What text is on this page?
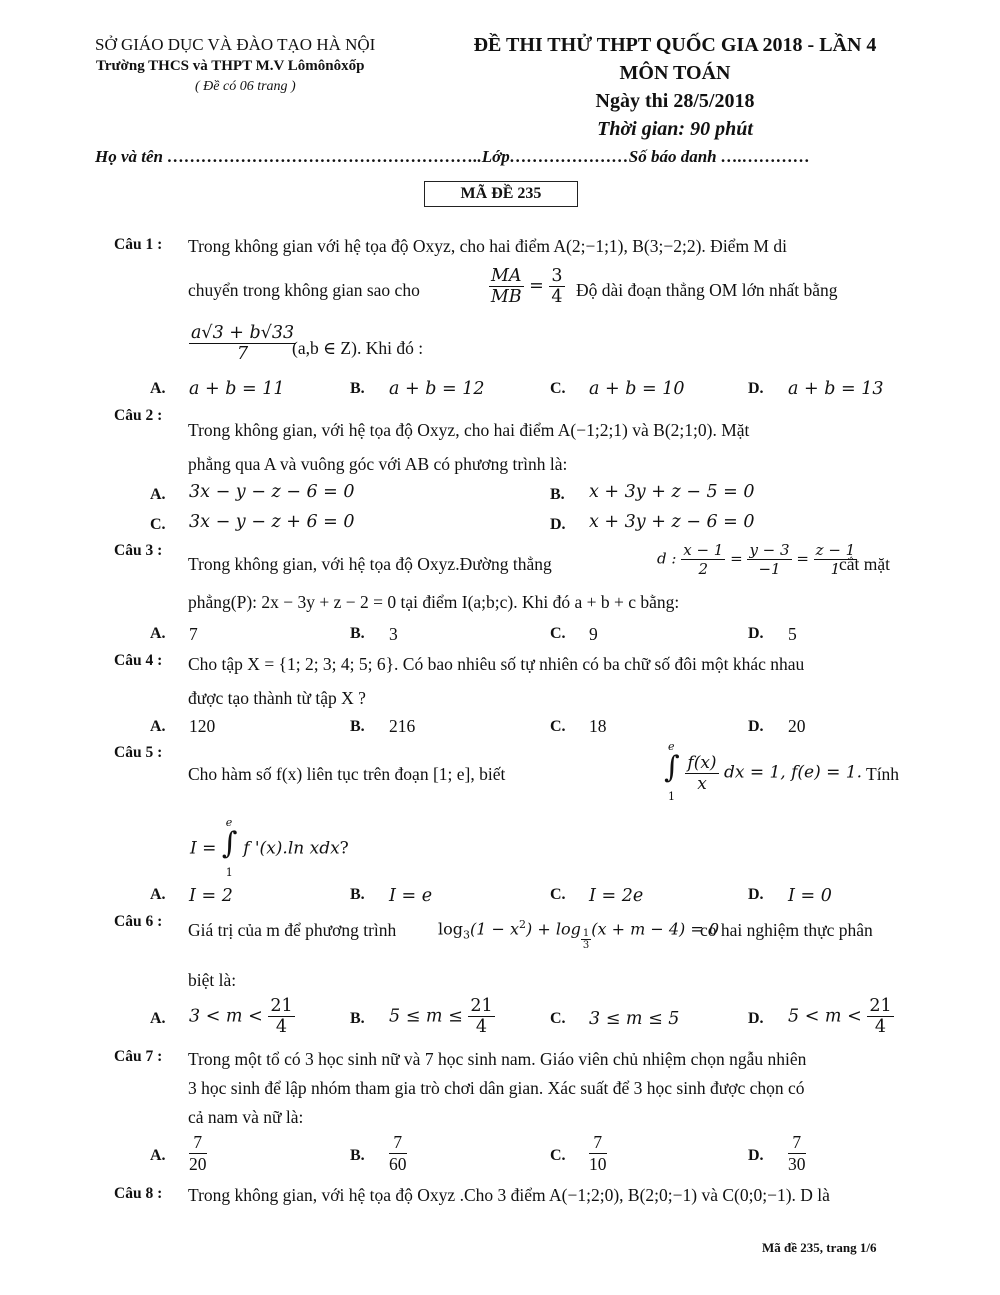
SỞ GIÁO DỤC VÀ ĐÀO TẠO HÀ NỘI
Trường THCS và THPT M.V Lômônôxốp
( Đề có 06 trang )
ĐỀ THI THỬ THPT QUỐC GIA 2018 - LẦN 4
MÔN TOÁN
Ngày thi 28/5/2018
Thời gian: 90 phút
Họ và tên ………………………………………………..Lớp…………………Số báo danh ….…………
MÃ ĐỀ 235
Câu 1 : Trong không gian với hệ tọa độ Oxyz, cho hai điểm A(2;−1;1), B(3;−2;2). Điểm M di
chuyển trong không gian sao cho	$\frac{MA}{MB} = \frac{3}{4}$ Độ dài đoạn thẳng OM lớn nhất bằng
$\frac{a√3 + b√33}{7}$
(a,b ∈ Z). Khi đó :
A. a + b = 11	B. a + b = 12	C. a + b = 10	D. a + b = 13
Câu 2 :
Trong không gian, với hệ tọa độ Oxyz, cho hai điểm A(−1;2;1) và B(2;1;0). Mặt
phẳng qua A và vuông góc với AB có phương trình là:
A. 3x − y − z − 6 = 0	B. x + 3y + z − 5 = 0
C. 3x − y − z + 6 = 0	D. x + 3y + z − 6 = 0
Câu 3 :
Trong không gian, với hệ tọa độ Oxyz.Đường thẳng	d : $\frac{x - 1}{2} = \frac{y - 3}{-1} = \frac{z - 1}{1}$
cắt mặt
phẳng(P): 2x − 3y + z − 2 = 0 tại điểm I(a;b;c). Khi đó a + b + c bằng:
A. 7	B. 3	C. 9	D. 5
Câu 4 : Cho tập X = {1; 2; 3; 4; 5; 6}. Có bao nhiêu số tự nhiên có ba chữ số đôi một khác nhau
được tạo thành từ tập X ?
A. 120	B. 216	C. 18	D. 20
Câu 5 :
Cho hàm số f(x) liên tục trên đoạn [1; e], biết
e
∫
1

$\frac{f(x)}{x}$ dx = 1, f(e) = 1. Tính
I =
e
∫
1
f '(x).ln xdx?
A. I = 2	B. I = e	C. I = 2e	D. I = 0
Câu 6 : Giá trị của m để phương trình	$\log_3(1 - x^2) + \log \frac{1}{3} (x + m - 4) = 0$
có hai nghiệm thực phân
biệt là:
A. $3 < m < \frac{21}{4}$	B. $5 \le m \le \frac{21}{4}$	C. 3 ≤ m ≤ 5	D. $5 < m < \frac{21}{4}$
Câu 7 : Trong một tổ có 3 học sinh nữ và 7 học sinh nam. Giáo viên chủ nhiệm chọn ngẫu nhiên
3 học sinh để lập nhóm tham gia trò chơi dân gian. Xác suất để 3 học sinh được chọn có
cả nam và nữ là:
A. $\frac{7}{20}$	B. $\frac{7}{60}$	C. $\frac{7}{10}$	D. $\frac{7}{30}$
Câu 8 : Trong không gian, với hệ tọa độ Oxyz .Cho 3 điểm A(−1;2;0), B(2;0;−1) và C(0;0;−1). D là
Mã đề 235, trang 1/6
